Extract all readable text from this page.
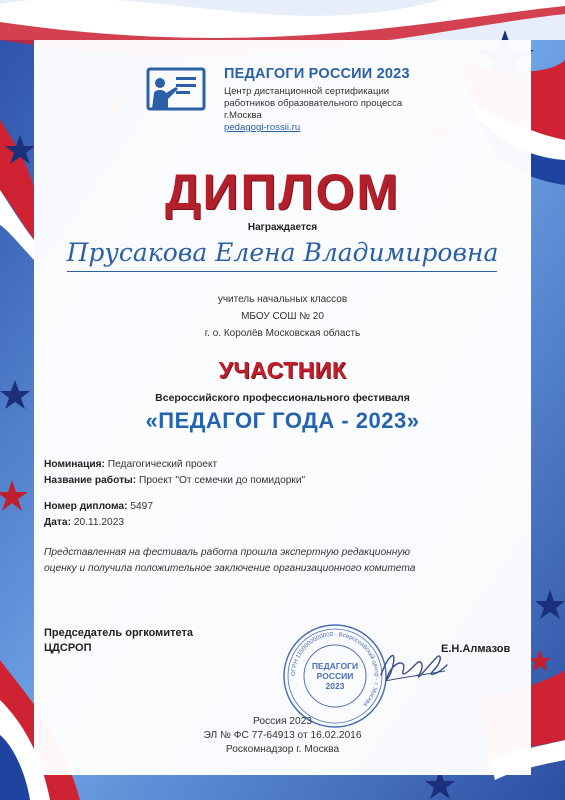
ПЕДАГОГИ РОССИИ 2023
Центр дистанционной сертификации
работников образовательного процесса
г.Москва
pedagogi-rossii.ru
ДИПЛОМ
Награждается
Прусакова Елена Владимировна
учитель начальных классов
МБОУ СОШ № 20
г. о. Королёв Московская область
УЧАСТНИК
Всероссийского профессионального фестиваля
«ПЕДАГОГ ГОДА - 2023»
Номинация: Педагогический проект
Название работы: Проект "От семечки до помидорки"
Номер диплома: 5497
Дата: 20.11.2023
Представленная на фестиваль работа прошла экспертную редакционную
оценку и получила положительное заключение организационного комитета
Председатель оргкомитета
ЦДСРОП
ОГРН 1150000000000 · Всероссийский центр · г. Москва
ПЕДАГОГИ
РОССИИ
2023
Е.Н.Алмазов
Россия 2023
ЭЛ № ФС 77-64913 от 16.02.2016
Роскомнадзор г. Москва
